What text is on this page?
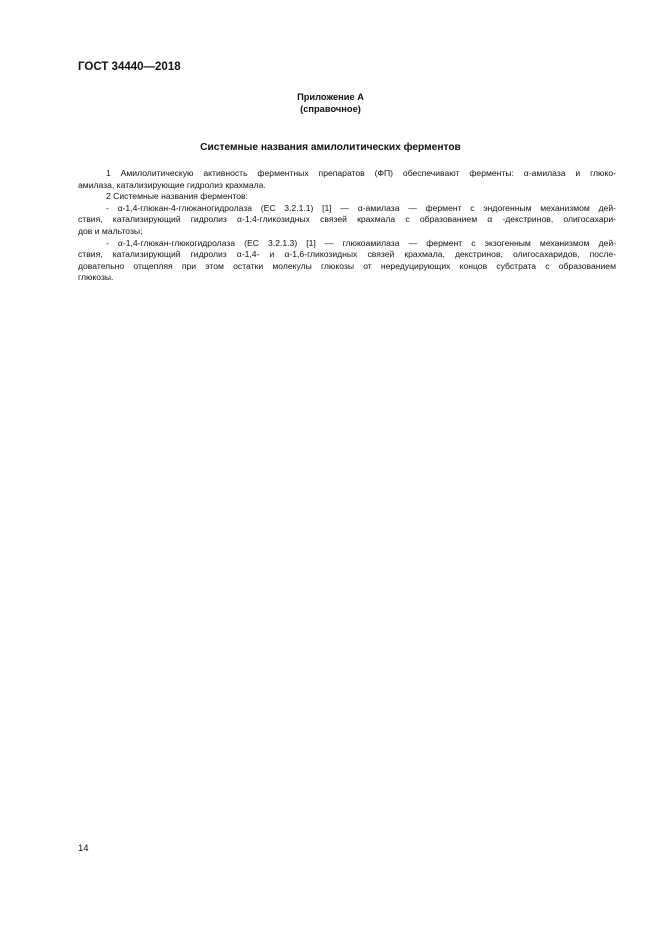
ГОСТ 34440—2018
Приложение А
(справочное)
Системные названия амилолитических ферментов
1 Амилолитическую активность ферментных препаратов (ФП) обеспечивают ферменты: α-амилаза и глюко-
амилаза, катализирующие гидролиз крахмала.
2 Системные названия ферментов:
- α-1,4-глюкан-4-глюканогидролаза (ЕС 3.2.1.1) [1] — α-амилаза — фермент с эндогенным механизмом дей-
ствия, катализирующий гидролиз α-1,4-гликозидных связей крахмала с образованием α -декстринов, олигосахари-
дов и мальтозы;
- α-1,4-глюкан-глюкогидролаза (ЕС 3.2.1.3) [1] — глюкоамилаза — фермент с экзогенным механизмом дей-
ствия, катализирующий гидролиз α-1,4- и α-1,6-гликозидных связей крахмала, декстринов, олигосахаридов, после-
довательно отщепляя при этом остатки молекулы глюкозы от нередуцирующих концов субстрата с образованием
глюкозы.
14
